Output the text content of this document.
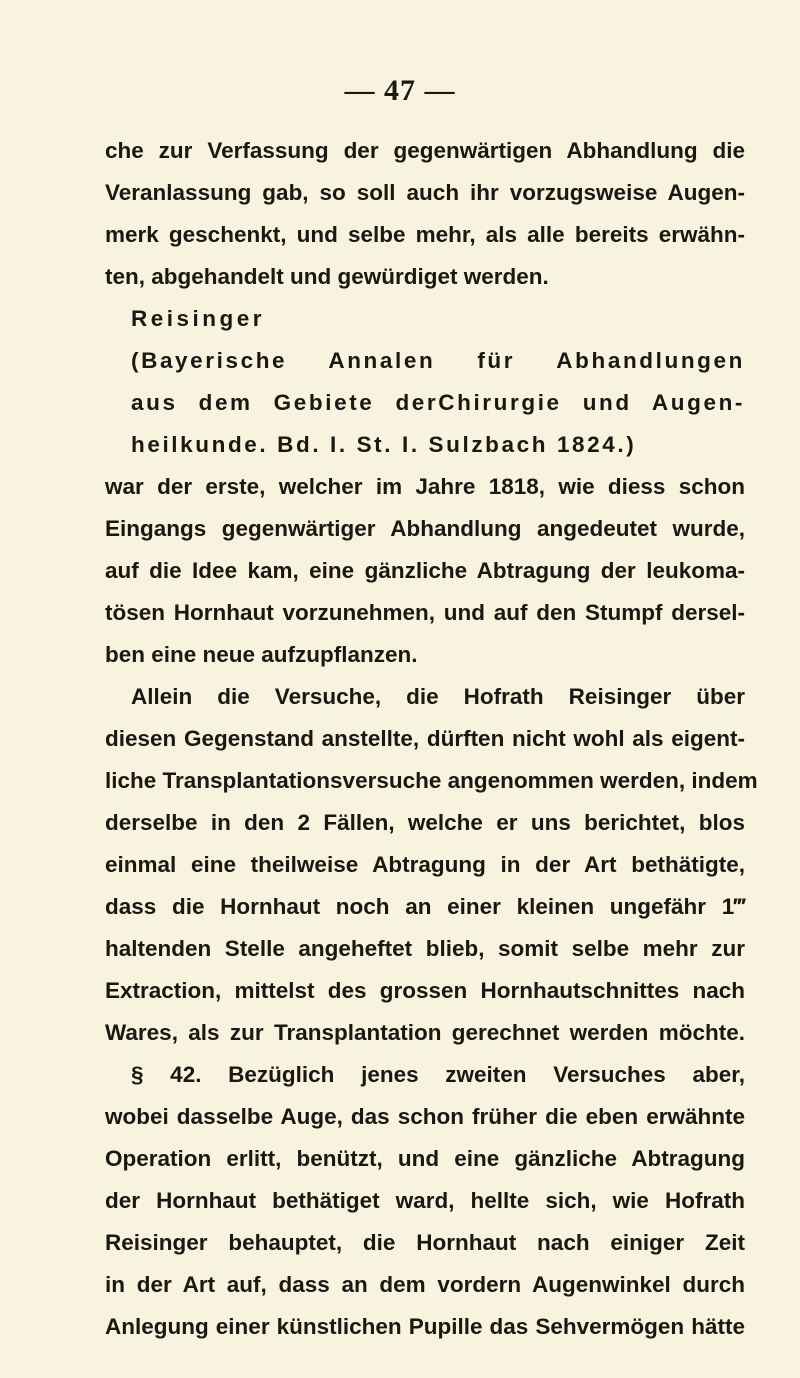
— 47 —
che zur Verfassung der gegenwärtigen Abhandlung die
Veranlassung gab, so soll auch ihr vorzugsweise Augen-
merk geschenkt, und selbe mehr, als alle bereits erwähn-
ten, abgehandelt und gewürdiget werden.
Reisinger
(Bayerische Annalen für Abhandlungen
aus dem Gebiete derChirurgie und Augen-
heilkunde. Bd. I. St. I. Sulzbach 1824.)
war der erste, welcher im Jahre 1818, wie diess schon
Eingangs gegenwärtiger Abhandlung angedeutet wurde,
auf die Idee kam, eine gänzliche Abtragung der leukoma-
tösen Hornhaut vorzunehmen, und auf den Stumpf dersel-
ben eine neue aufzupflanzen.
Allein die Versuche, die Hofrath Reisinger über
diesen Gegenstand anstellte, dürften nicht wohl als eigent-
liche Transplantationsversuche angenommen werden, indem
derselbe in den 2 Fällen, welche er uns berichtet, blos
einmal eine theilweise Abtragung in der Art bethätigte,
dass die Hornhaut noch an einer kleinen ungefähr 1‴
haltenden Stelle angeheftet blieb, somit selbe mehr zur
Extraction, mittelst des grossen Hornhautschnittes nach
Wares, als zur Transplantation gerechnet werden möchte.
§ 42. Bezüglich jenes zweiten Versuches aber,
wobei dasselbe Auge, das schon früher die eben erwähnte
Operation erlitt, benützt, und eine gänzliche Abtragung
der Hornhaut bethätiget ward, hellte sich, wie Hofrath
Reisinger behauptet, die Hornhaut nach einiger Zeit
in der Art auf, dass an dem vordern Augenwinkel durch
Anlegung einer künstlichen Pupille das Sehvermögen hätte
